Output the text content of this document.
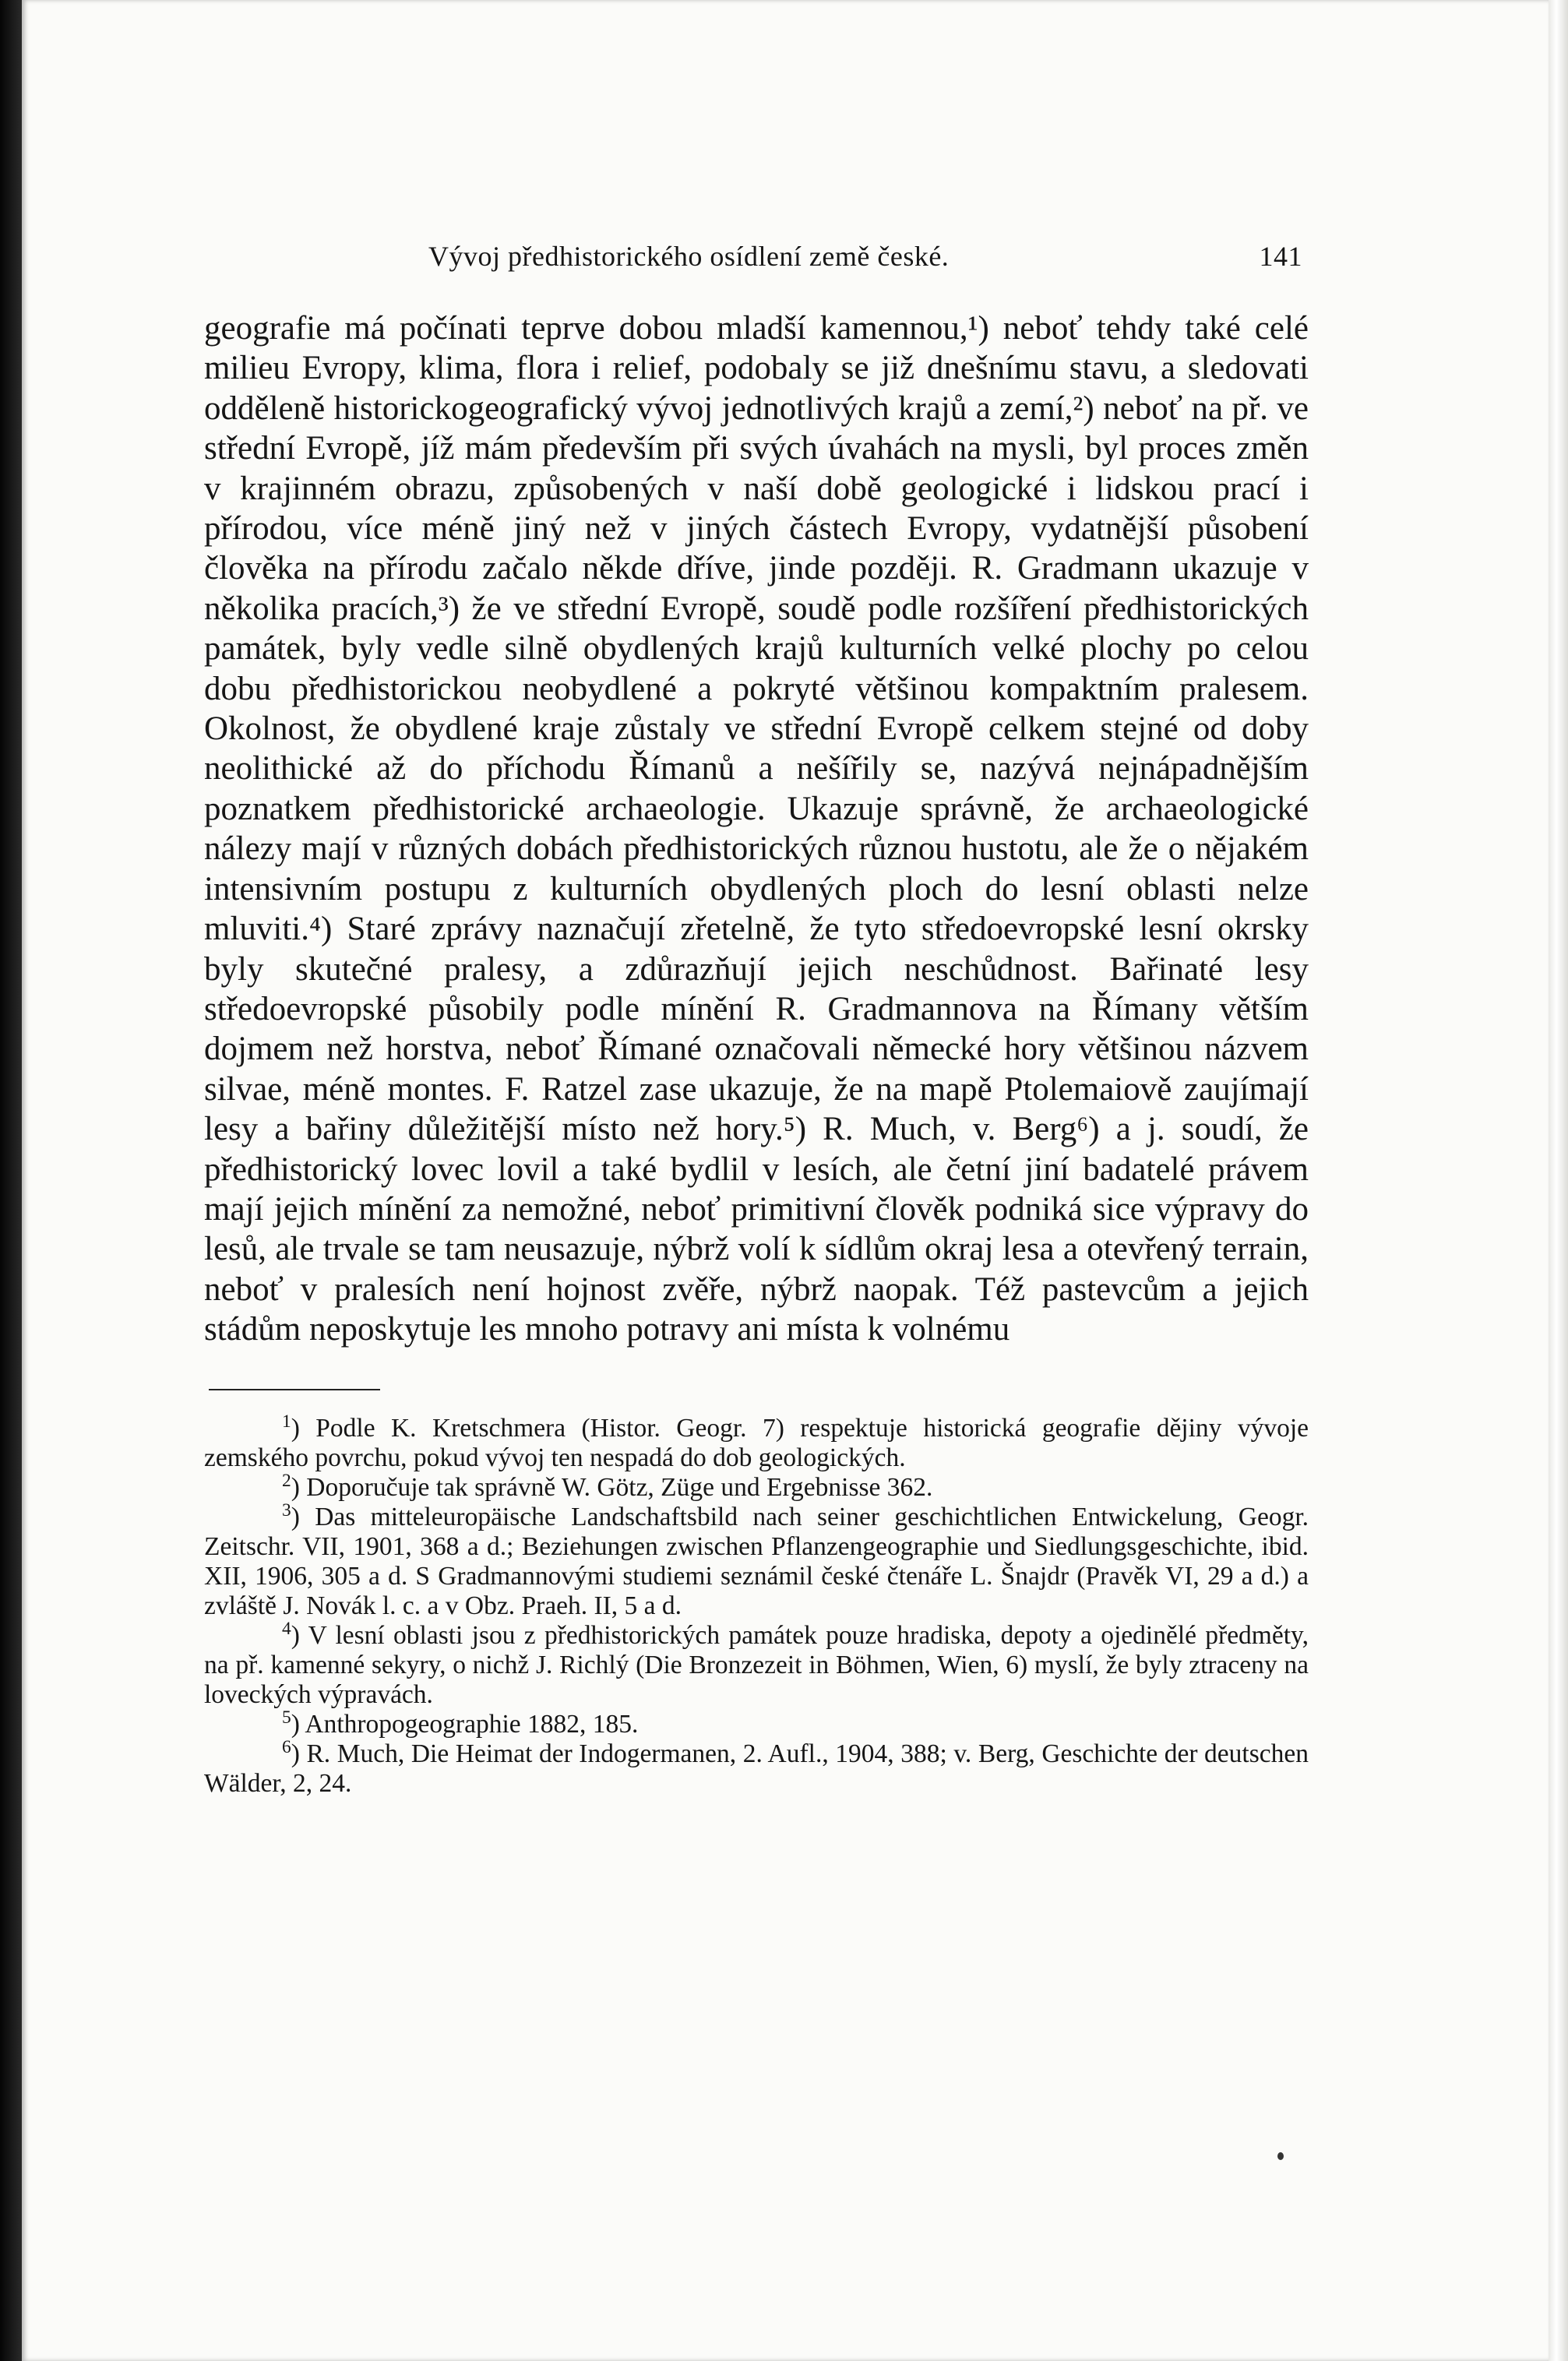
Vývoj předhistorického osídlení země české.	141

geografie má počínati teprve dobou mladší kamennou,¹) neboť tehdy také celé milieu Evropy, klima, flora i relief, podobaly se již dnešnímu stavu, a sledovati odděleně historickogeografický vývoj jednotlivých krajů a zemí,²) neboť na př. ve střední Evropě, jíž mám především při svých úvahách na mysli, byl proces změn v krajinném obrazu, způsobených v naší době geologické i lidskou prací i přírodou, více méně jiný než v jiných částech Evropy, vydatnější působení člověka na přírodu začalo někde dříve, jinde později. R. Gradmann ukazuje v několika pracích,³) že ve střední Evropě, soudě podle rozšíření předhistorických památek, byly vedle silně obydlených krajů kulturních velké plochy po celou dobu předhistorickou neobydlené a pokryté většinou kompaktním pralesem. Okolnost, že obydlené kraje zůstaly ve střední Evropě celkem stejné od doby neolithické až do příchodu Římanů a nešířily se, nazývá nejnápadnějším poznatkem předhistorické archaeologie. Ukazuje správně, že archaeologické nálezy mají v různých dobách předhistorických různou hustotu, ale že o nějakém intensivním postupu z kulturních obydlených ploch do lesní oblasti nelze mluviti.⁴) Staré zprávy naznačují zřetelně, že tyto středoevropské lesní okrsky byly skutečné pralesy, a zdůrazňují jejich neschůdnost. Bařinaté lesy středoevropské působily podle mínění R. Gradmannova na Římany větším dojmem než horstva, neboť Římané označovali německé hory většinou názvem silvae, méně montes. F. Ratzel zase ukazuje, že na mapě Ptolemaiově zaujímají lesy a bařiny důležitější místo než hory.⁵) R. Much, v. Berg⁶) a j. soudí, že předhistorický lovec lovil a také bydlil v lesích, ale četní jiní badatelé právem mají jejich mínění za nemožné, neboť primitivní člověk podniká sice výpravy do lesů, ale trvale se tam neusazuje, nýbrž volí k sídlům okraj lesa a otevřený terrain, neboť v pralesích není hojnost zvěře, nýbrž naopak. Též pastevcům a jejich stádům neposkytuje les mnoho potravy ani místa k volnému

$^1$) Podle K. Kretschmera (Histor. Geogr. 7) respektuje historická geografie dějiny vývoje zemského povrchu, pokud vývoj ten nespadá do dob geologických.

$^2$) Doporučuje tak správně W. Götz, Züge und Ergebnisse 362.

$^3$) Das mitteleuropäische Landschaftsbild nach seiner geschichtlichen Entwickelung, Geogr. Zeitschr. VII, 1901, 368 a d.; Beziehungen zwischen Pflanzengeographie und Siedlungsgeschichte, ibid. XII, 1906, 305 a d. S Gradmannovými studiemi seznámil české čtenáře L. Šnajdr (Pravěk VI, 29 a d.) a zvláště J. Novák l. c. a v Obz. Praeh. II, 5 a d.

$^4$) V lesní oblasti jsou z předhistorických památek pouze hradiska, depoty a ojedinělé předměty, na př. kamenné sekyry, o nichž J. Richlý (Die Bronzezeit in Böhmen, Wien, 6) myslí, že byly ztraceny na loveckých výpravách.

$^5$) Anthropogeographie 1882, 185.

$^6$) R. Much, Die Heimat der Indogermanen, 2. Aufl., 1904, 388; v. Berg, Geschichte der deutschen Wälder, 2, 24.
